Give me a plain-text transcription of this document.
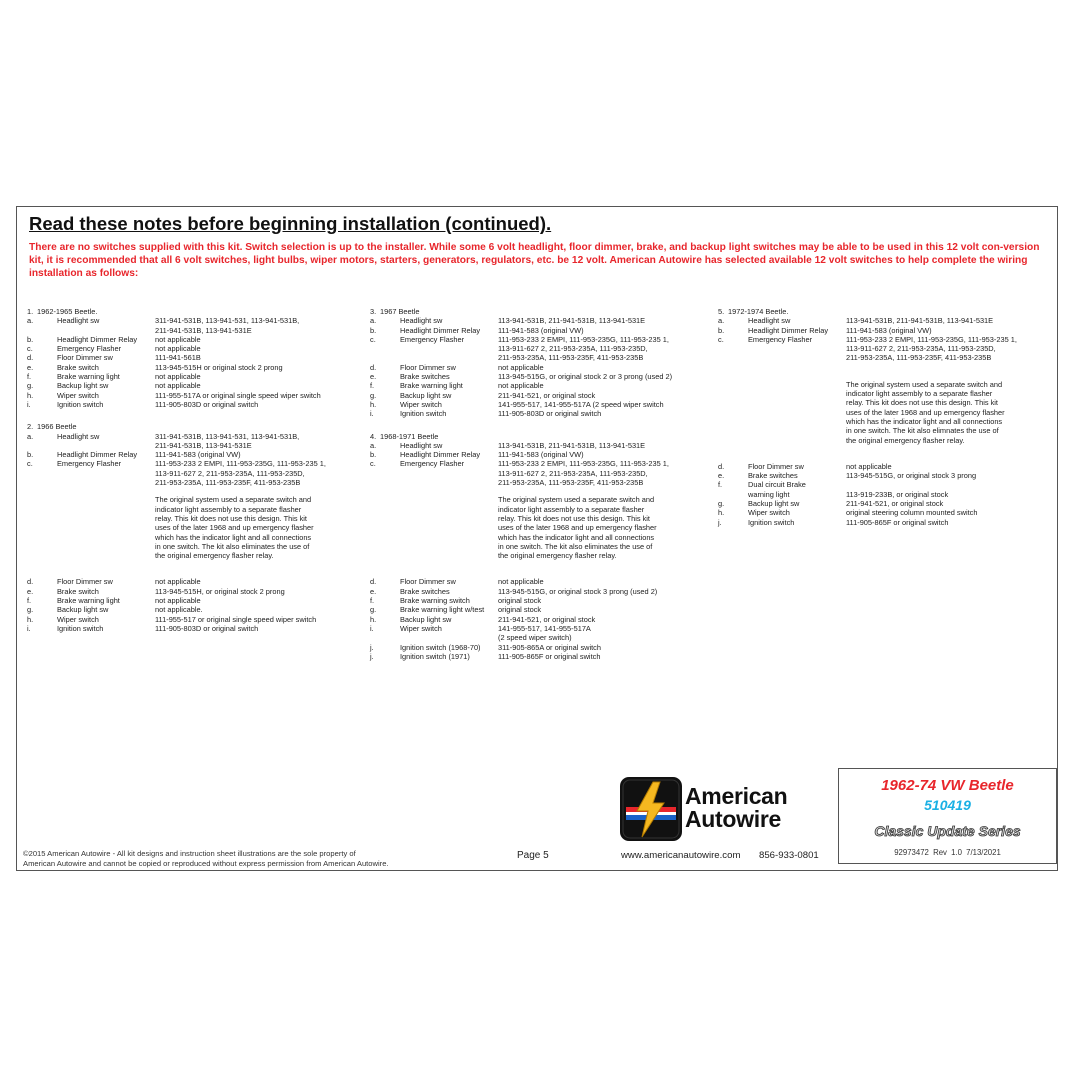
Read these notes before beginning installation (continued).

There are no switches supplied with this kit. Switch selection is up to the installer. While some 6 volt headlight, floor dimmer, brake, and backup light switches may be able to be used in this 12 volt con-version kit, it is recommended that all 6 volt switches, light bulbs, wiper motors, starters, generators, regulators, etc. be 12 volt. American Autowire has selected available 12 volt switches to help complete the wiring installation as follows:

1. 1962-1965 Beetle.
a.	Headlight sw	311-941-531B, 113-941-531, 113-941-531B,
211-941-531B, 113-941-531E
b.	Headlight Dimmer Relay	not applicable
c.	Emergency Flasher	not applicable
d.	Floor Dimmer sw	111-941-561B
e.	Brake switch	113-945-515H or original stock 2 prong
f.	Brake warning light	not applicable
g.	Backup light sw	not applicable
h.	Wiper switch	111-955-517A or original single speed wiper switch
i.	Ignition switch	111-905-803D or original switch
2. 1966 Beetle
a.	Headlight sw	311-941-531B, 113-941-531, 113-941-531B,
211-941-531B, 113-941-531E
b.	Headlight Dimmer Relay	111-941-583 (original VW)
c.	Emergency Flasher	111-953-233 2 EMPI, 111-953-235G, 111-953-235 1,
113-911-627 2, 211-953-235A, 111-953-235D,
211-953-235A, 111-953-235F, 411-953-235B
The original system used a separate switch and
indicator light assembly to a separate flasher
relay. This kit does not use this design. This kit
uses of the later 1968 and up emergency flasher
which has the indicator light and all connections
in one switch. The kit also eliminates the use of
the original emergency flasher relay.
d.	Floor Dimmer sw	not applicable
e.	Brake switch	113-945-515H, or original stock 2 prong
f.	Brake warning light	not applicable
g.	Backup light sw	not applicable.
h.	Wiper switch	111-955-517 or original single speed wiper switch
i.	Ignition switch	111-905-803D or original switch
3. 1967 Beetle
a.	Headlight sw	113-941-531B, 211-941-531B, 113-941-531E
b.	Headlight Dimmer Relay	111-941-583 (original VW)
c.	Emergency Flasher	111-953-233 2 EMPI, 111-953-235G, 111-953-235 1,
113-911-627 2, 211-953-235A, 111-953-235D,
211-953-235A, 111-953-235F, 411-953-235B
d.	Floor Dimmer sw	not applicable
e.	Brake switches	113-945-515G, or original stock 2 or 3 prong (used 2)
f.	Brake warning light	not applicable
g.	Backup light sw	211-941-521, or original stock
h.	Wiper switch	141-955-517, 141-955-517A (2 speed wiper switch
i.	Ignition switch	111-905-803D or original switch
4. 1968-1971 Beetle
a.	Headlight sw	113-941-531B, 211-941-531B, 113-941-531E
b.	Headlight Dimmer Relay	111-941-583 (original VW)
c.	Emergency Flasher	111-953-233 2 EMPI, 111-953-235G, 111-953-235 1,
113-911-627 2, 211-953-235A, 111-953-235D,
211-953-235A, 111-953-235F, 411-953-235B
The original system used a separate switch and
indicator light assembly to a separate flasher
relay. This kit does not use this design. This kit
uses of the later 1968 and up emergency flasher
which has the indicator light and all connections
in one switch. The kit also eliminates the use of
the original emergency flasher relay.
d.	Floor Dimmer sw	not applicable
e.	Brake switches	113-945-515G, or original stock 3 prong (used 2)
f.	Brake warning switch	original stock
g.	Brake warning light w/test	original stock
h.	Backup light sw	211-941-521, or original stock
i.	Wiper switch	141-955-517, 141-955-517A
(2 speed wiper switch)
j.	Ignition switch (1968-70)	311-905-865A or original switch
j.	Ignition switch (1971)	111-905-865F or original switch
5. 1972-1974 Beetle.
a.	Headlight sw	113-941-531B, 211-941-531B, 113-941-531E
b.	Headlight Dimmer Relay	111-941-583 (original VW)
c.	Emergency Flasher	111-953-233 2 EMPI, 111-953-235G, 111-953-235 1,
113-911-627 2, 211-953-235A, 111-953-235D,
211-953-235A, 111-953-235F, 411-953-235B
The original system used a separate switch and
indicator light assembly to a separate flasher
relay. This kit does not use this design. This kit
uses of the later 1968 and up emergency flasher
which has the indicator light and all connections
in one switch. The kit also elimnates the use of
the original emergency flasher relay.
d.	Floor Dimmer sw	not applicable
e.	Brake switches	113-945-515G, or original stock 3 prong
f.	Dual circuit Brake
warning light	113-919-233B, or original stock
g.	Backup light sw	211-941-521, or original stock
h.	Wiper switch	original steering column mounted switch
j.	Ignition switch	111-905-865F or original switch
©2015 American Autowire - All kit designs and instruction sheet illustrations are the sole property of
American Autowire and cannot be copied or reproduced without express permission from American Autowire.
Page 5
American
Autowire
www.americanautowire.com 856-933-0801
1962-74 VW Beetle
510419
Classic Update Series
92973472 Rev 1.0 7/13/2021
